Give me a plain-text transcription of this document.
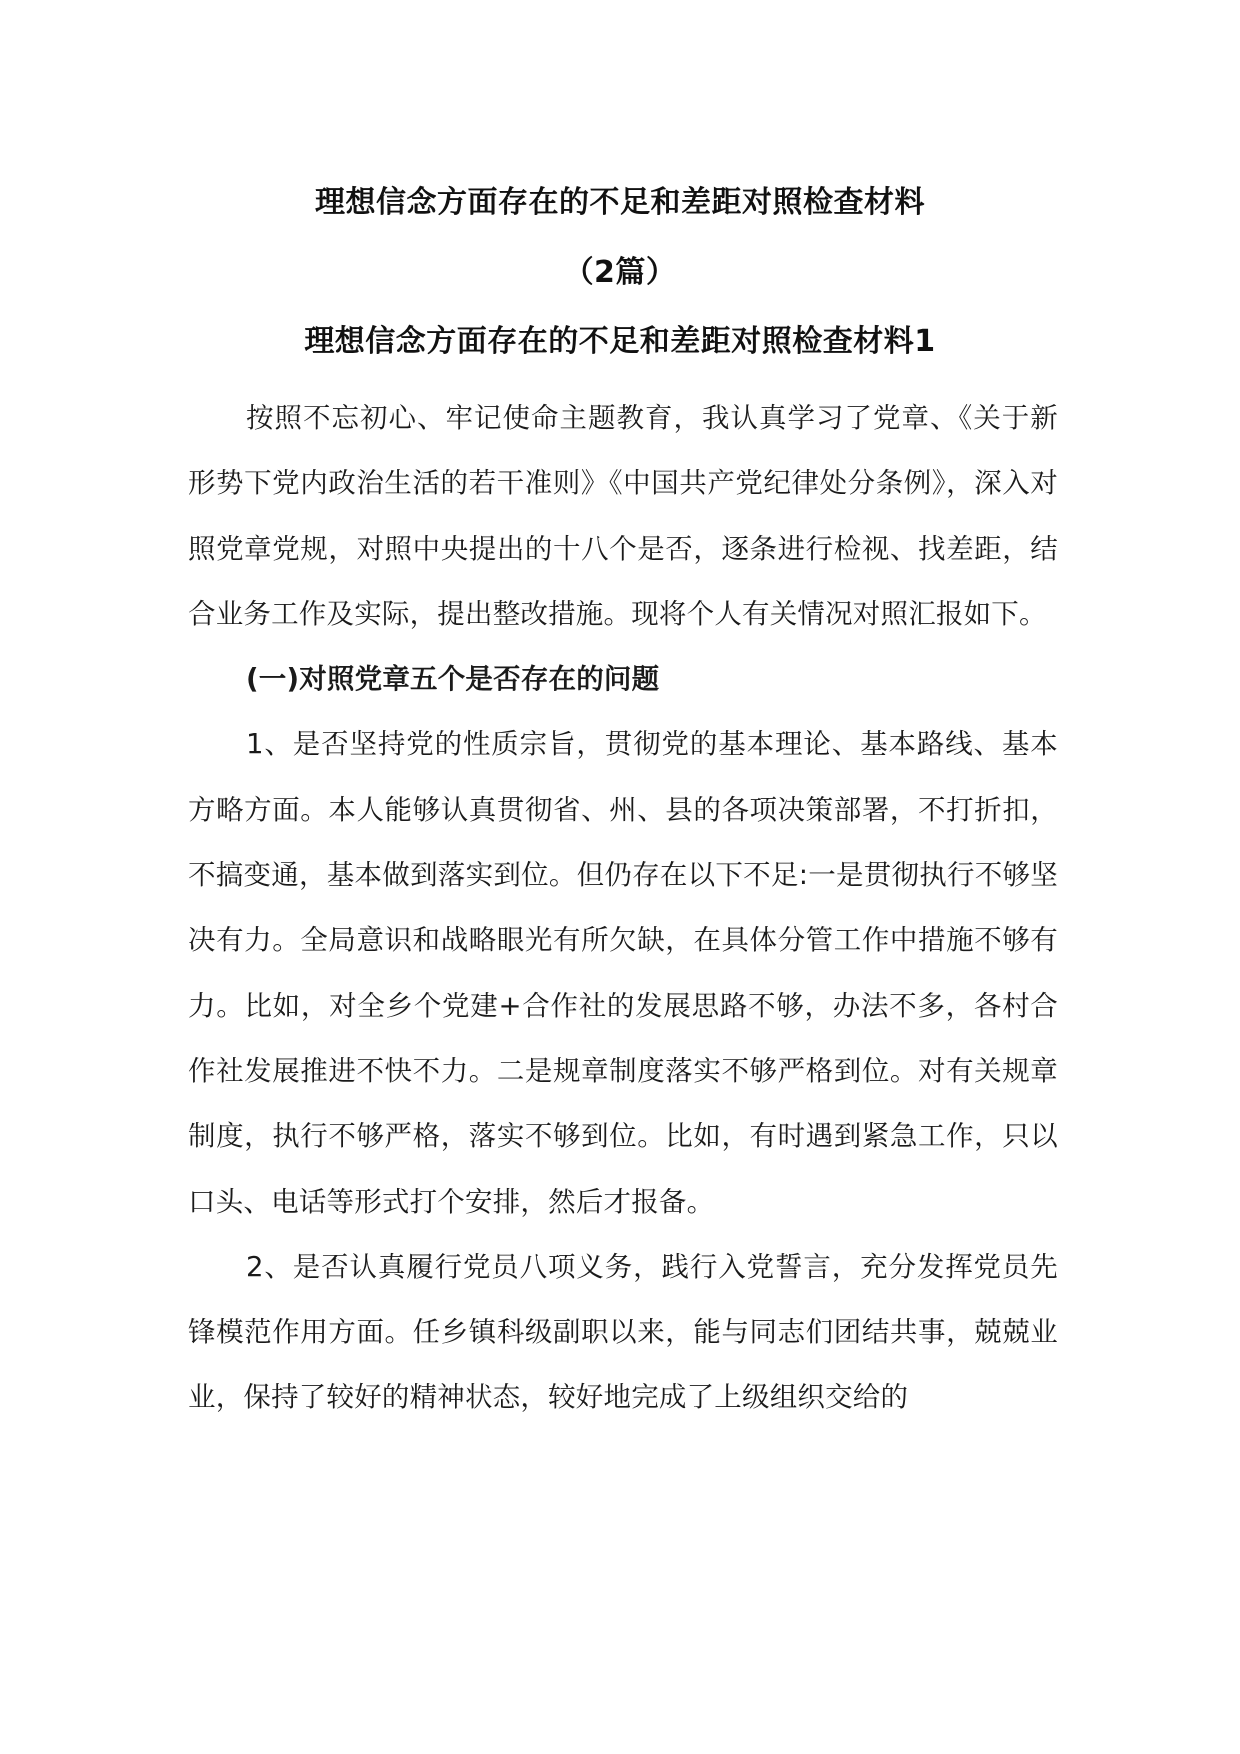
理想信念方面存在的不足和差距对照检查材料
（2篇）
理想信念方面存在的不足和差距对照检查材料1

按照不忘初心、牢记使命主题教育，我认真学习了党章、《关于新形势下党内政治生活的若干准则》《中国共产党纪律处分条例》，深入对照党章党规，对照中央提出的十八个是否，逐条进行检视、找差距，结合业务工作及实际，提出整改措施。现将个人有关情况对照汇报如下。

(一)对照党章五个是否存在的问题

1、是否坚持党的性质宗旨，贯彻党的基本理论、基本路线、基本方略方面。本人能够认真贯彻省、州、县的各项决策部署，不打折扣，不搞变通，基本做到落实到位。但仍存在以下不足:一是贯彻执行不够坚决有力。全局意识和战略眼光有所欠缺，在具体分管工作中措施不够有力。比如，对全乡个党建+合作社的发展思路不够，办法不多，各村合作社发展推进不快不力。二是规章制度落实不够严格到位。对有关规章制度，执行不够严格，落实不够到位。比如，有时遇到紧急工作，只以口头、电话等形式打个安排，然后才报备。

2、是否认真履行党员八项义务，践行入党誓言，充分发挥党员先锋模范作用方面。任乡镇科级副职以来，能与同志们团结共事，兢兢业业，保持了较好的精神状态，较好地完成了上级组织交给的
